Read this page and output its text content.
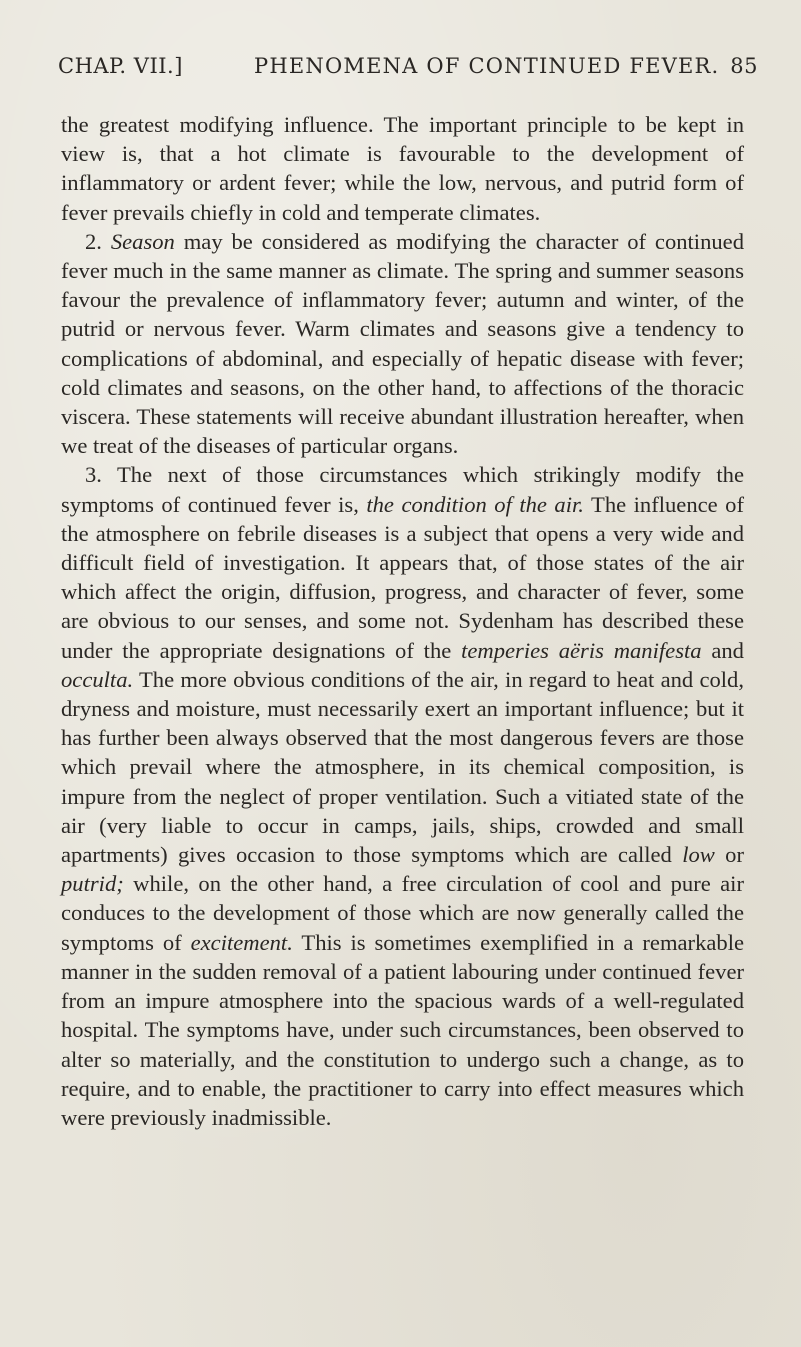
CHAP. VII.]	PHENOMENA OF CONTINUED FEVER. 85

the greatest modifying influence. The important principle to be kept in view is, that a hot climate is favourable to the development of inflammatory or ardent fever; while the low, nervous, and putrid form of fever prevails chiefly in cold and temperate climates.

2. Season may be considered as modifying the character of continued fever much in the same manner as climate. The spring and summer seasons favour the prevalence of inflammatory fever; autumn and winter, of the putrid or nervous fever. Warm climates and seasons give a tendency to complications of abdominal, and especially of hepatic disease with fever; cold climates and seasons, on the other hand, to affections of the thoracic viscera. These statements will receive abundant illustration hereafter, when we treat of the diseases of particular organs.

3. The next of those circumstances which strikingly modify the symptoms of continued fever is, the condition of the air. The influence of the atmosphere on febrile diseases is a subject that opens a very wide and difficult field of investigation. It appears that, of those states of the air which affect the origin, diffusion, progress, and character of fever, some are obvious to our senses, and some not. Sydenham has described these under the appropriate designations of the temperies aëris manifesta and occulta. The more obvious conditions of the air, in regard to heat and cold, dryness and moisture, must necessarily exert an important influence; but it has further been always observed that the most dangerous fevers are those which prevail where the atmosphere, in its chemical composition, is impure from the neglect of proper ventilation. Such a vitiated state of the air (very liable to occur in camps, jails, ships, crowded and small apartments) gives occasion to those symptoms which are called low or putrid; while, on the other hand, a free circulation of cool and pure air conduces to the development of those which are now generally called the symptoms of excitement. This is sometimes exemplified in a remarkable manner in the sudden removal of a patient labouring under continued fever from an impure atmosphere into the spacious wards of a well-regulated hospital. The symptoms have, under such circumstances, been observed to alter so materially, and the constitution to undergo such a change, as to require, and to enable, the practitioner to carry into effect measures which were previously inadmissible.
